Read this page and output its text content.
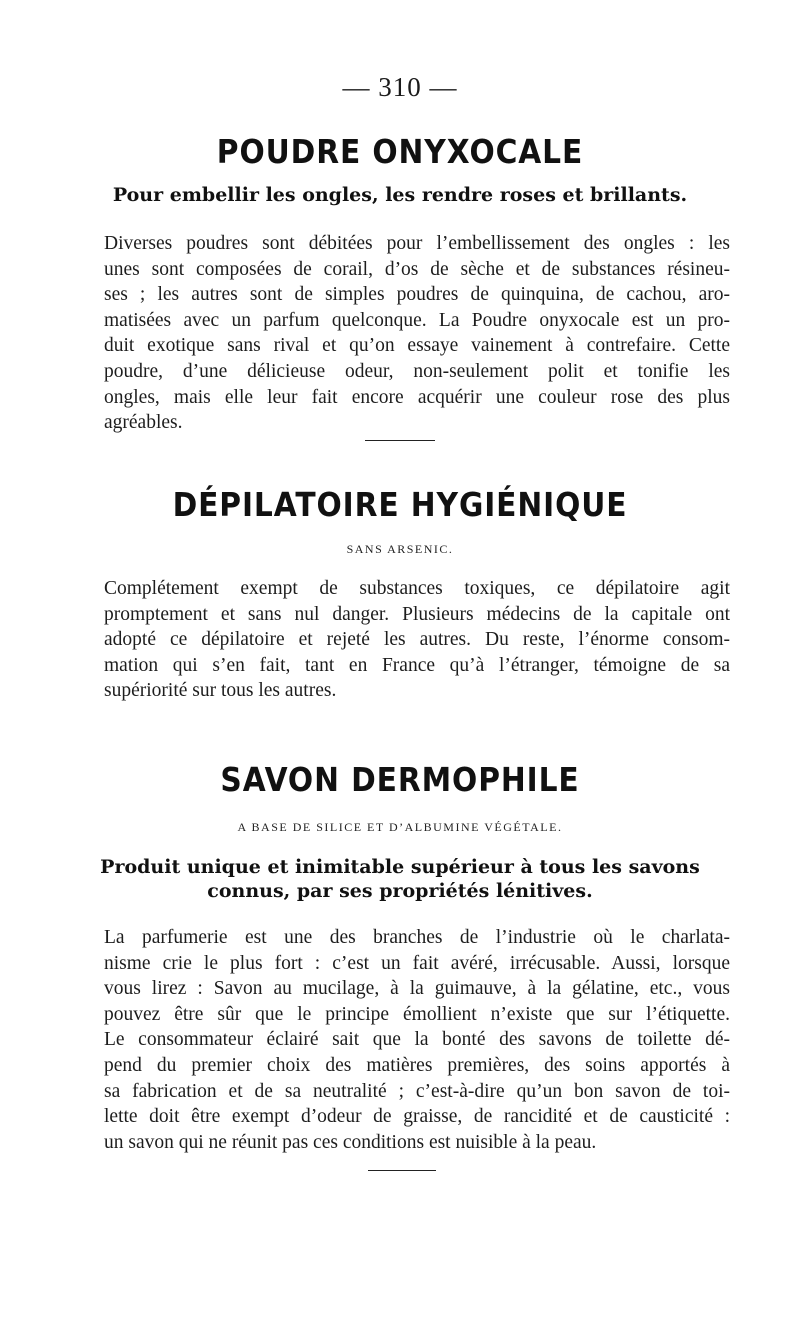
— 310 —
POUDRE ONYXOCALE
Pour embellir les ongles, les rendre roses et brillants.
Diverses poudres sont débitées pour l’embellissement des ongles : les
unes sont composées de corail, d’os de sèche et de substances résineu-
ses ; les autres sont de simples poudres de quinquina, de cachou, aro-
matisées avec un parfum quelconque. La Poudre onyxocale est un pro-
duit exotique sans rival et qu’on essaye vainement à contrefaire. Cette
poudre, d’une délicieuse odeur, non-seulement polit et tonifie les
ongles, mais elle leur fait encore acquérir une couleur rose des plus
agréables.
DÉPILATOIRE HYGIÉNIQUE
SANS ARSENIC.
Complétement exempt de substances toxiques, ce dépilatoire agit
promptement et sans nul danger. Plusieurs médecins de la capitale ont
adopté ce dépilatoire et rejeté les autres. Du reste, l’énorme consom-
mation qui s’en fait, tant en France qu’à l’étranger, témoigne de sa
supériorité sur tous les autres.
SAVON DERMOPHILE
A BASE DE SILICE ET D’ALBUMINE VÉGÉTALE.
Produit unique et inimitable supérieur à tous les savons
connus, par ses propriétés lénitives.
La parfumerie est une des branches de l’industrie où le charlata-
nisme crie le plus fort : c’est un fait avéré, irrécusable. Aussi, lorsque
vous lirez : Savon au mucilage, à la guimauve, à la gélatine, etc., vous
pouvez être sûr que le principe émollient n’existe que sur l’étiquette.
Le consommateur éclairé sait que la bonté des savons de toilette dé-
pend du premier choix des matières premières, des soins apportés à
sa fabrication et de sa neutralité ; c’est-à-dire qu’un bon savon de toi-
lette doit être exempt d’odeur de graisse, de rancidité et de causticité :
un savon qui ne réunit pas ces conditions est nuisible à la peau.
